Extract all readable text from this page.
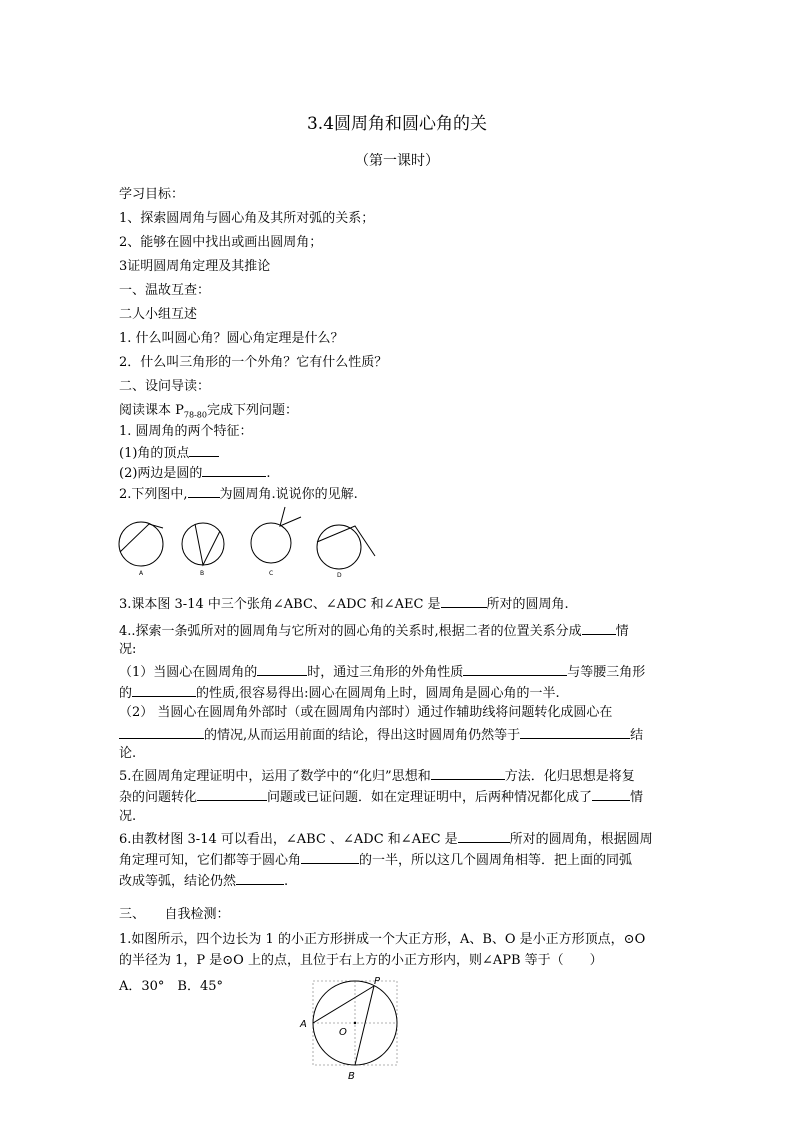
3.4圆周角和圆心角的关
（第一课时）
学习目标：
1、探索圆周角与圆心角及其所对弧的关系；
2、能够在圆中找出或画出圆周角；
3证明圆周角定理及其推论
一、温故互查：
二人小组互述
1. 什么叫圆心角？圆心角定理是什么？
2．什么叫三角形的一个外角？它有什么性质？
二、设问导读：
阅读课本 $P_{78-80}$完成下列问题：
1. 圆周角的两个特征：
(1)角的顶点
(2)两边是圆的	.
2.下列图中, 为圆周角.说说你的见解.
A	B	C	D
3.课本图 3-14 中三个张角∠ABC、∠ADC 和∠AEC 是	所对的圆周角.
4..探索一条弧所对的圆周角与它所对的圆心角的关系时,根据二者的位置关系分成	情
况:
（1）当圆心在圆周角的	时，通过三角形的外角性质	与等腰三角形
的	的性质,很容易得出:圆心在圆周角上时，圆周角是圆心角的一半.
（2） 当圆心在圆周角外部时（或在圆周角内部时）通过作辅助线将问题转化成圆心在
的情况,从而运用前面的结论，得出这时圆周角仍然等于	结
论.
5.在圆周角定理证明中，运用了数学中的“化归”思想和	方法．化归思想是将复
杂的问题转化	问题或已证问题．如在定理证明中，后两种情况都化成了	情
况.
6.由教材图 3-14 可以看出，∠ABC 、∠ADC 和∠AEC 是	所对的圆周角，根据圆周
角定理可知，它们都等于圆心角	的一半，所以这几个圆周角相等．把上面的同弧
改成等弧，结论仍然	.
三、　　自我检测：
1.如图所示，四个边长为 1 的小正方形拼成一个大正方形，A、B、O 是小正方形顶点，⊙O
的半径为 1，P 是⊙O 上的点，且位于右上方的小正方形内，则∠APB 等于（　　）
A．30°　B．45°	P
A
O
B
